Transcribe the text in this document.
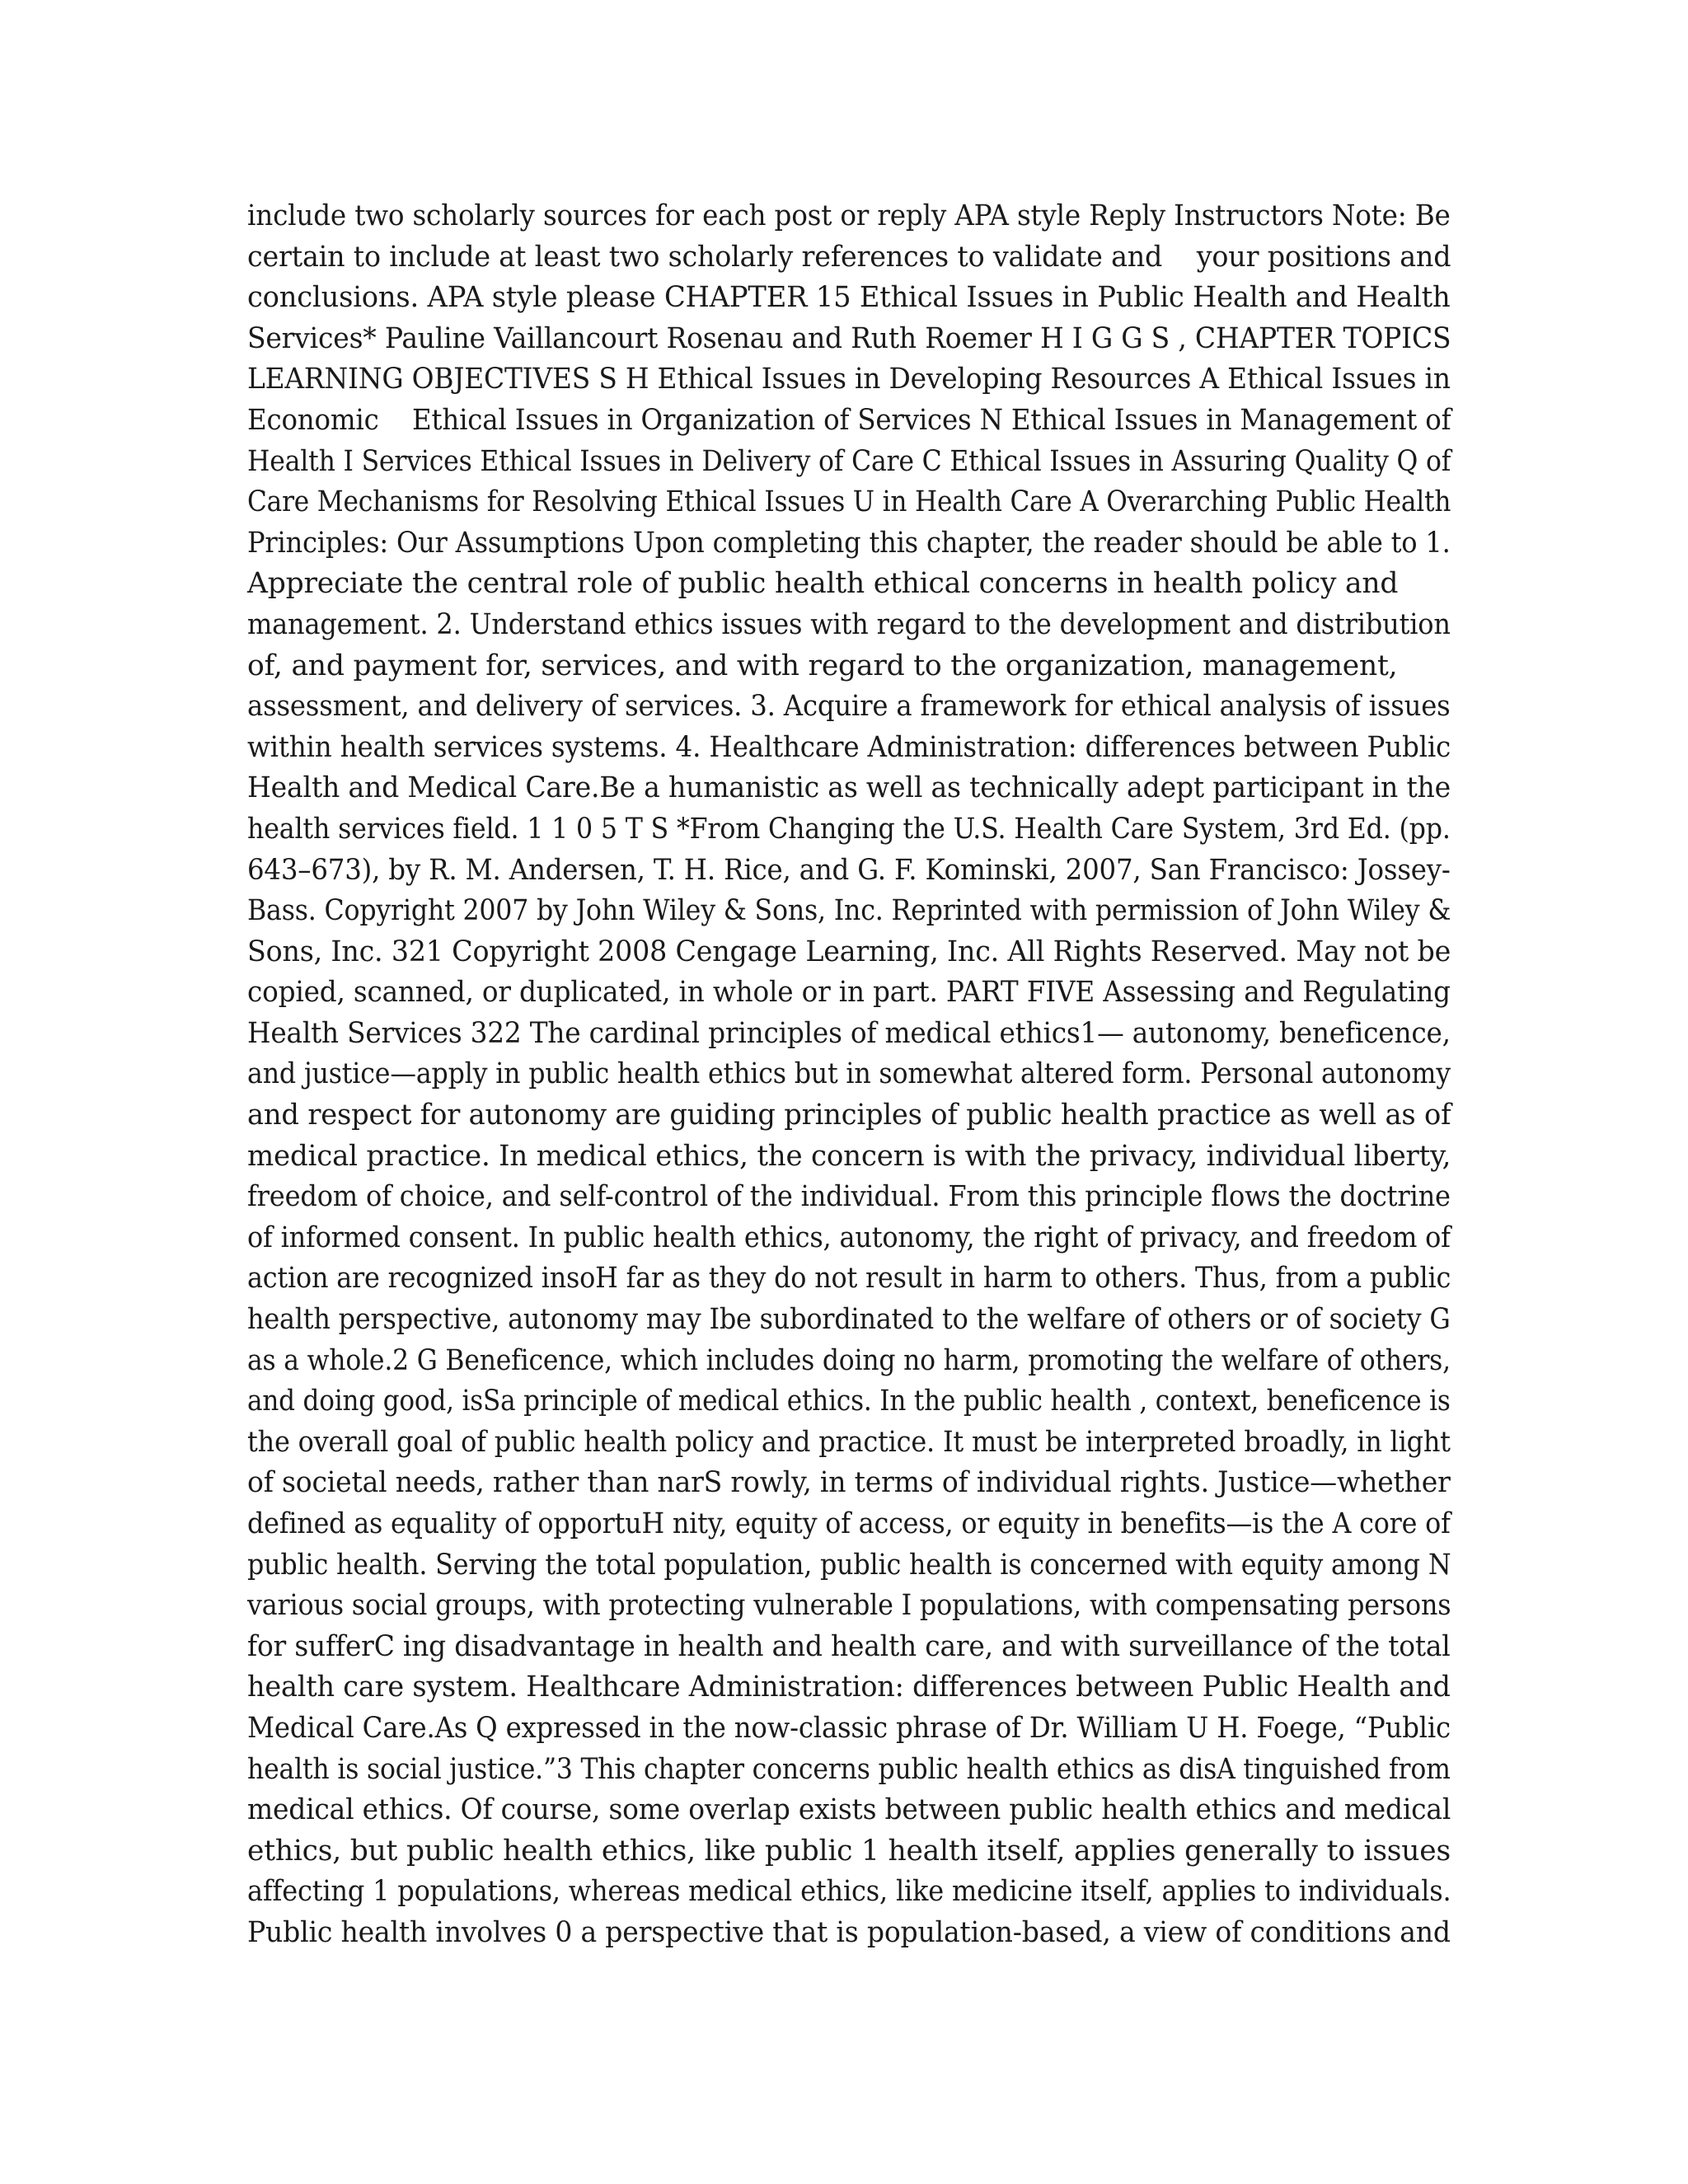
include two scholarly sources for each post or reply APA style Reply Instructors Note: Be
certain to include at least two scholarly references to validate and    your positions and
conclusions. APA style please CHAPTER 15 Ethical Issues in Public Health and Health
Services* Pauline Vaillancourt Rosenau and Ruth Roemer H I G G S , CHAPTER TOPICS
LEARNING OBJECTIVES S H Ethical Issues in Developing Resources A Ethical Issues in
Economic    Ethical Issues in Organization of Services N Ethical Issues in Management of
Health I Services Ethical Issues in Delivery of Care C Ethical Issues in Assuring Quality Q of
Care Mechanisms for Resolving Ethical Issues U in Health Care A Overarching Public Health
Principles: Our Assumptions Upon completing this chapter, the reader should be able to 1.
Appreciate the central role of public health ethical concerns in health policy and
management. 2. Understand ethics issues with regard to the development and distribution
of, and payment for, services, and with regard to the organization, management,
assessment, and delivery of services. 3. Acquire a framework for ethical analysis of issues
within health services systems. 4. Healthcare Administration: differences between Public
Health and Medical Care.Be a humanistic as well as technically adept participant in the
health services field. 1 1 0 5 T S *From Changing the U.S. Health Care System, 3rd Ed. (pp.
643–673), by R. M. Andersen, T. H. Rice, and G. F. Kominski, 2007, San Francisco: Jossey-
Bass. Copyright 2007 by John Wiley & Sons, Inc. Reprinted with permission of John Wiley &
Sons, Inc. 321 Copyright 2008 Cengage Learning, Inc. All Rights Reserved. May not be
copied, scanned, or duplicated, in whole or in part. PART FIVE Assessing and Regulating
Health Services 322 The cardinal principles of medical ethics1— autonomy, beneficence,
and justice—apply in public health ethics but in somewhat altered form. Personal autonomy
and respect for autonomy are guiding principles of public health practice as well as of
medical practice. In medical ethics, the concern is with the privacy, individual liberty,
freedom of choice, and self-control of the individual. From this principle flows the doctrine
of informed consent. In public health ethics, autonomy, the right of privacy, and freedom of
action are recognized insoH far as they do not result in harm to others. Thus, from a public
health perspective, autonomy may Ibe subordinated to the welfare of others or of society G
as a whole.2 G Beneficence, which includes doing no harm, promoting the welfare of others,
and doing good, isSa principle of medical ethics. In the public health , context, beneficence is
the overall goal of public health policy and practice. It must be interpreted broadly, in light
of societal needs, rather than narS rowly, in terms of individual rights. Justice—whether
defined as equality of opportuH nity, equity of access, or equity in benefits—is the A core of
public health. Serving the total population, public health is concerned with equity among N
various social groups, with protecting vulnerable I populations, with compensating persons
for sufferC ing disadvantage in health and health care, and with surveillance of the total
health care system. Healthcare Administration: differences between Public Health and
Medical Care.As Q expressed in the now-classic phrase of Dr. William U H. Foege, “Public
health is social justice.”3 This chapter concerns public health ethics as disA tinguished from
medical ethics. Of course, some overlap exists between public health ethics and medical
ethics, but public health ethics, like public 1 health itself, applies generally to issues
affecting 1 populations, whereas medical ethics, like medicine itself, applies to individuals.
Public health involves 0 a perspective that is population-based, a view of conditions and
